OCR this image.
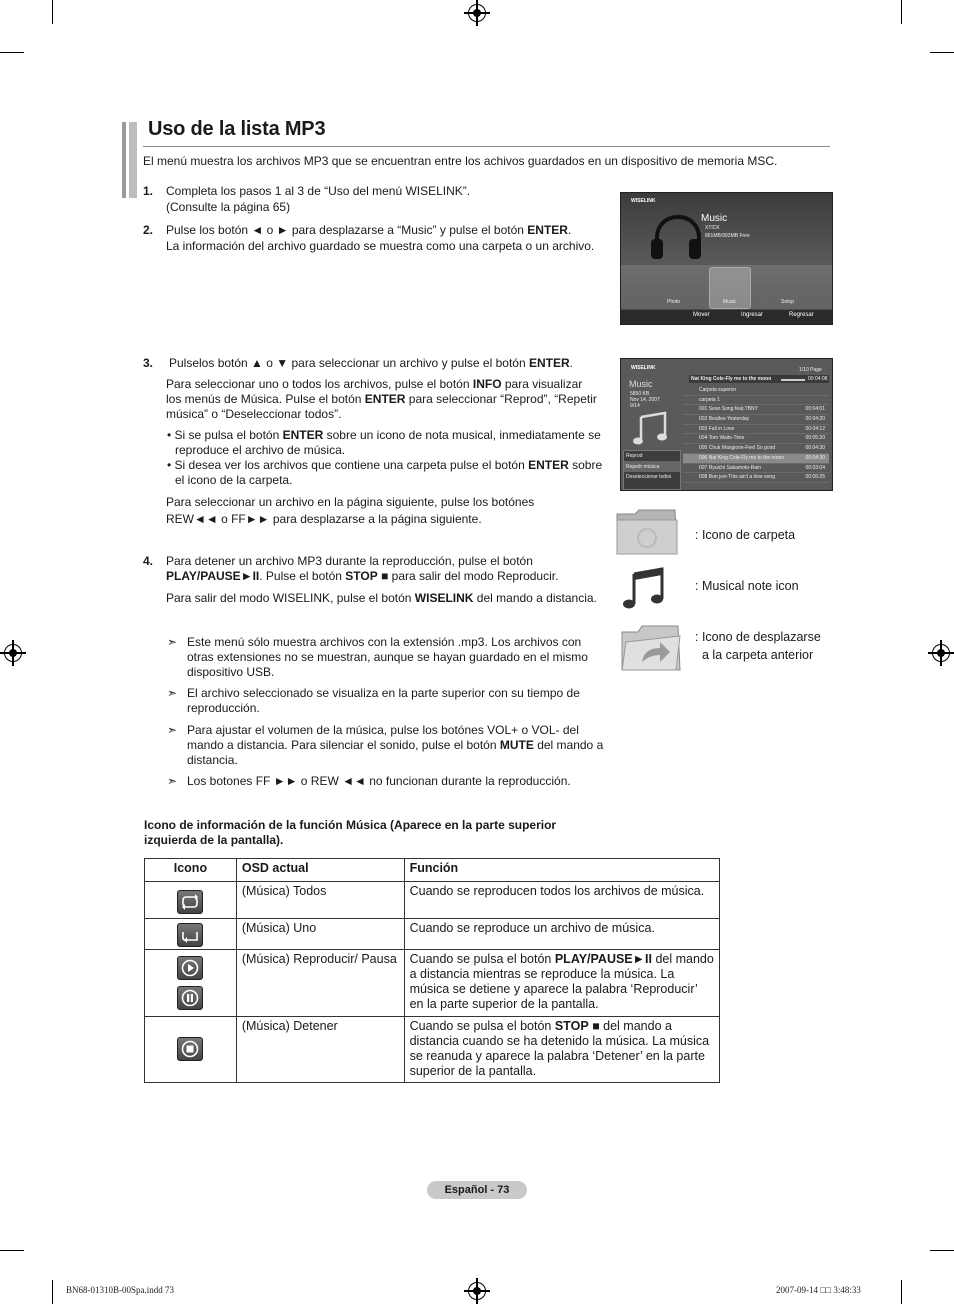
Uso de la lista MP3
El menú muestra los archivos MP3 que se encuentran entre los achivos guardados en un dispositivo de memoria MSC.
1. Completa los pasos 1 al 3 de “Uso del menú WISELINK”.
(Consulte la página 65)
2. Pulse los botón ◄ o ► para desplazarse a “Music” y pulse el botón ENTER.
La información del archivo guardado se muestra como una carpeta o un archivo.
WISELINK
Music
XTICK
861MB/993MB Free
Photo	Music	Setup
Mover	Ingresar	Regresar
3. Pulselos botón ▲ o ▼ para seleccionar un archivo y pulse el botón ENTER.
Para seleccionar uno o todos los archivos, pulse el botón INFO para visualizar
los menús de Música. Pulse el botón ENTER para seleccionar “Reprod”, “Repetir
música” o “Deseleccionar todos”.
• Si se pulsa el botón ENTER sobre un icono de nota musical, inmediatamente se
reproduce el archivo de música.
• Si desea ver los archivos que contiene una carpeta pulse el botón ENTER sobre
el icono de la carpeta.
Para seleccionar un archivo en la página siguiente, pulse los botónes
REW◄◄ o FF►► para desplazarse a la página siguiente.
WISELINK	1/10 Page
Nat King Cole-Fly me to the moon	00:04:08
Music
5850 KB
Nov 14, 2007
9/14
Reprod
Repetir música
Deseleccionar todos
Carpeta superior
carpeta 1
001 Sean Song feat.TBNY	00:04:01
002 Beatles-Yesterday	00:04:20
003 Fall in Love	00:04:12
004 Tom Waits-Time	00:05:20
005 Chuk Mangione-Feel So good	00:04:30
006 Nat King Cole-Fly me to the moon	00:04:30
007 Ryuichi Sakamoto-Rain	00:03:04
008 Bon jovi-This ain't a love song	00:05:25
: Icono de carpeta
: Musical note icon
: Icono de desplazarse
a la carpeta anterior
4. Para detener un archivo MP3 durante la reproducción, pulse el botón
PLAY/PAUSE►II. Pulse el botón STOP ■ para salir del modo Reproducir.
Para salir del modo WISELINK, pulse el botón WISELINK del mando a distancia.
➣ Este menú sólo muestra archivos con la extensión .mp3. Los archivos con
otras extensiones no se muestran, aunque se hayan guardado en el mismo
dispositivo USB.
➣ El archivo seleccionado se visualiza en la parte superior con su tiempo de
reproducción.
➣ Para ajustar el volumen de la música, pulse los botónes VOL+ o VOL- del
mando a distancia. Para silenciar el sonido, pulse el botón MUTE del mando a
distancia.
➣ Los botones FF ►► o REW ◄◄ no funcionan durante la reproducción.
Icono de información de la función Música (Aparece en la parte superior
izquierda de la pantalla).
Icono	OSD actual	Función

	(Música) Todos	Cuando se reproducen todos los archivos de música.

	(Música) Uno	Cuando se reproduce un archivo de música.

	(Música) Reproducir/ Pausa	Cuando se pulsa el botón PLAY/PAUSE►II del mando a distancia mientras se reproduce la música. La música se detiene y aparece la palabra ‘Reproducir’ en la parte superior de la pantalla.

	(Música) Detener	Cuando se pulsa el botón STOP ■ del mando a distancia cuando se ha detenido la música. La música se reanuda y aparece la palabra ‘Detener’ en la parte superior de la pantalla.
Español - 73
BN68-01310B-00Spa.indd 73	2007-09-14 □□ 3:48:33
